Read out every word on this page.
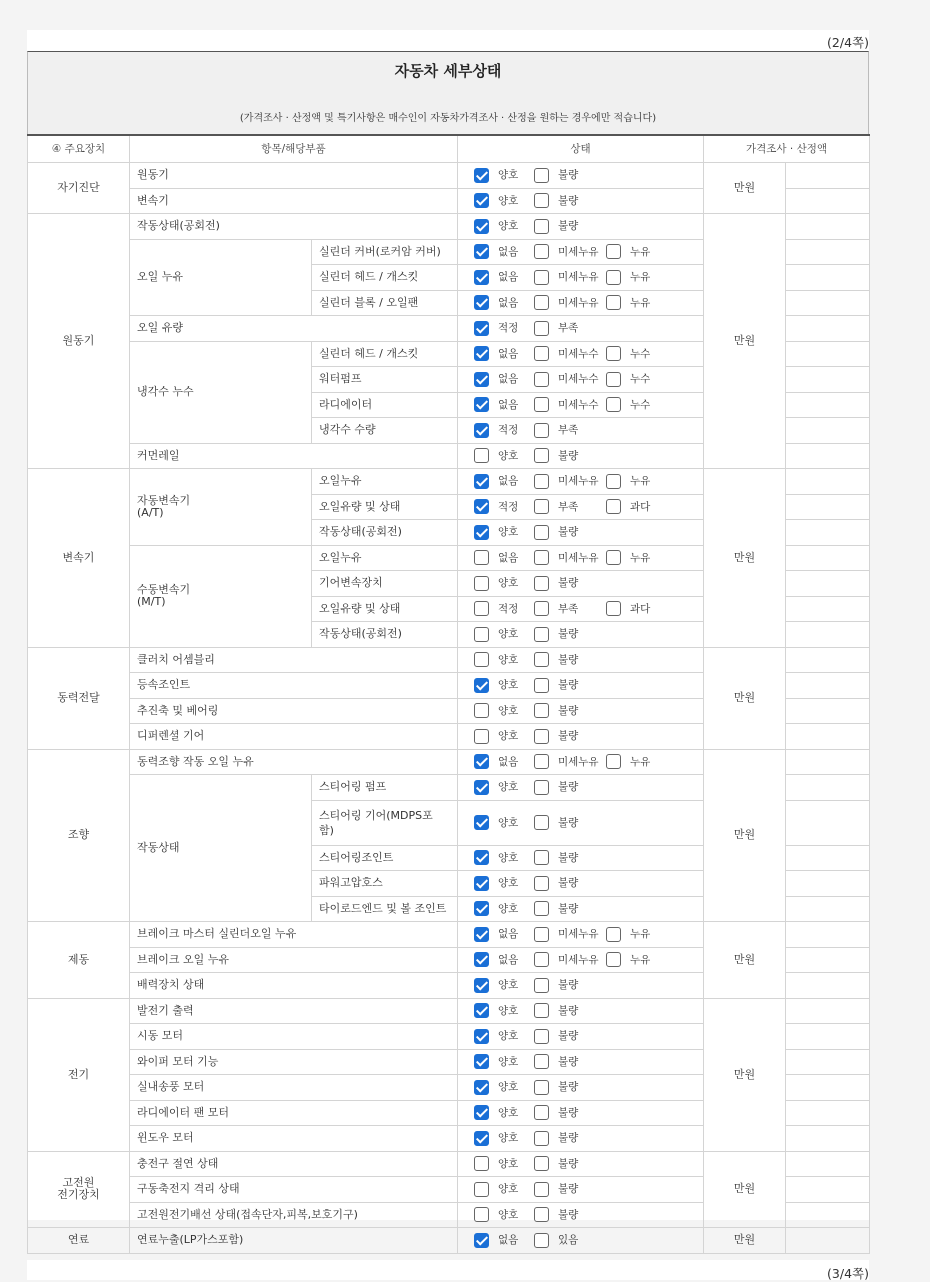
(2/4쪽)
자동차 세부상태
(가격조사 · 산정액 및 특기사항은 매수인이 자동차가격조사 · 산정을 원하는 경우에만 적습니다)
④ 주요장치	항목/해당부품		상태	가격조사 · 산정액	
자기진단	원동기		양호 불량	만원	
	변속기		양호 불량		
원동기	작동상태(공회전)		양호 불량	만원	
	오일 누유	실린더 커버(로커암 커버)	없음 미세누유 누유		
		실린더 헤드 / 개스킷	없음 미세누유 누유		
		실린더 블록 / 오일팬	없음 미세누유 누유		
	오일 유량		적정 부족		
	냉각수 누수	실린더 헤드 / 개스킷	없음 미세누수 누수		
		워터펌프	없음 미세누수 누수		
		라디에이터	없음 미세누수 누수		
		냉각수 수량	적정 부족		
	커먼레일		양호 불량		
변속기	자동변속기
(A/T)	오일누유	없음 미세누유 누유	만원	
		오일유량 및 상태	적정 부족 과다		
		작동상태(공회전)	양호 불량		
	수동변속기
(M/T)	오일누유	없음 미세누유 누유		
		기어변속장치	양호 불량		
		오일유량 및 상태	적정 부족 과다		
		작동상태(공회전)	양호 불량		
동력전달	클러치 어셈블리		양호 불량	만원	
	등속조인트		양호 불량		
	추진축 및 베어링		양호 불량		
	디퍼렌셜 기어		양호 불량		
조향	동력조향 작동 오일 누유		없음 미세누유 누유	만원	
	작동상태	스티어링 펌프	양호 불량		
		스티어링 기어(MDPS포함)	양호 불량		
		스티어링조인트	양호 불량		
		파워고압호스	양호 불량		
		타이로드엔드 및 볼 조인트	양호 불량		
제동	브레이크 마스터 실린더오일 누유		없음 미세누유 누유	만원	
	브레이크 오일 누유		없음 미세누유 누유		
	배력장치 상태		양호 불량		
전기	발전기 출력		양호 불량	만원	
	시동 모터		양호 불량		
	와이퍼 모터 기능		양호 불량		
	실내송풍 모터		양호 불량		
	라디에이터 팬 모터		양호 불량		
	윈도우 모터		양호 불량		
고전원
전기장치	충전구 절연 상태		양호 불량	만원	
	구동축전지 격리 상태		양호 불량		
	고전원전기배선 상태(접속단자,피복,보호기구)		양호 불량		
연료	연료누출(LP가스포함)		없음 있음	만원	
(3/4쪽)
